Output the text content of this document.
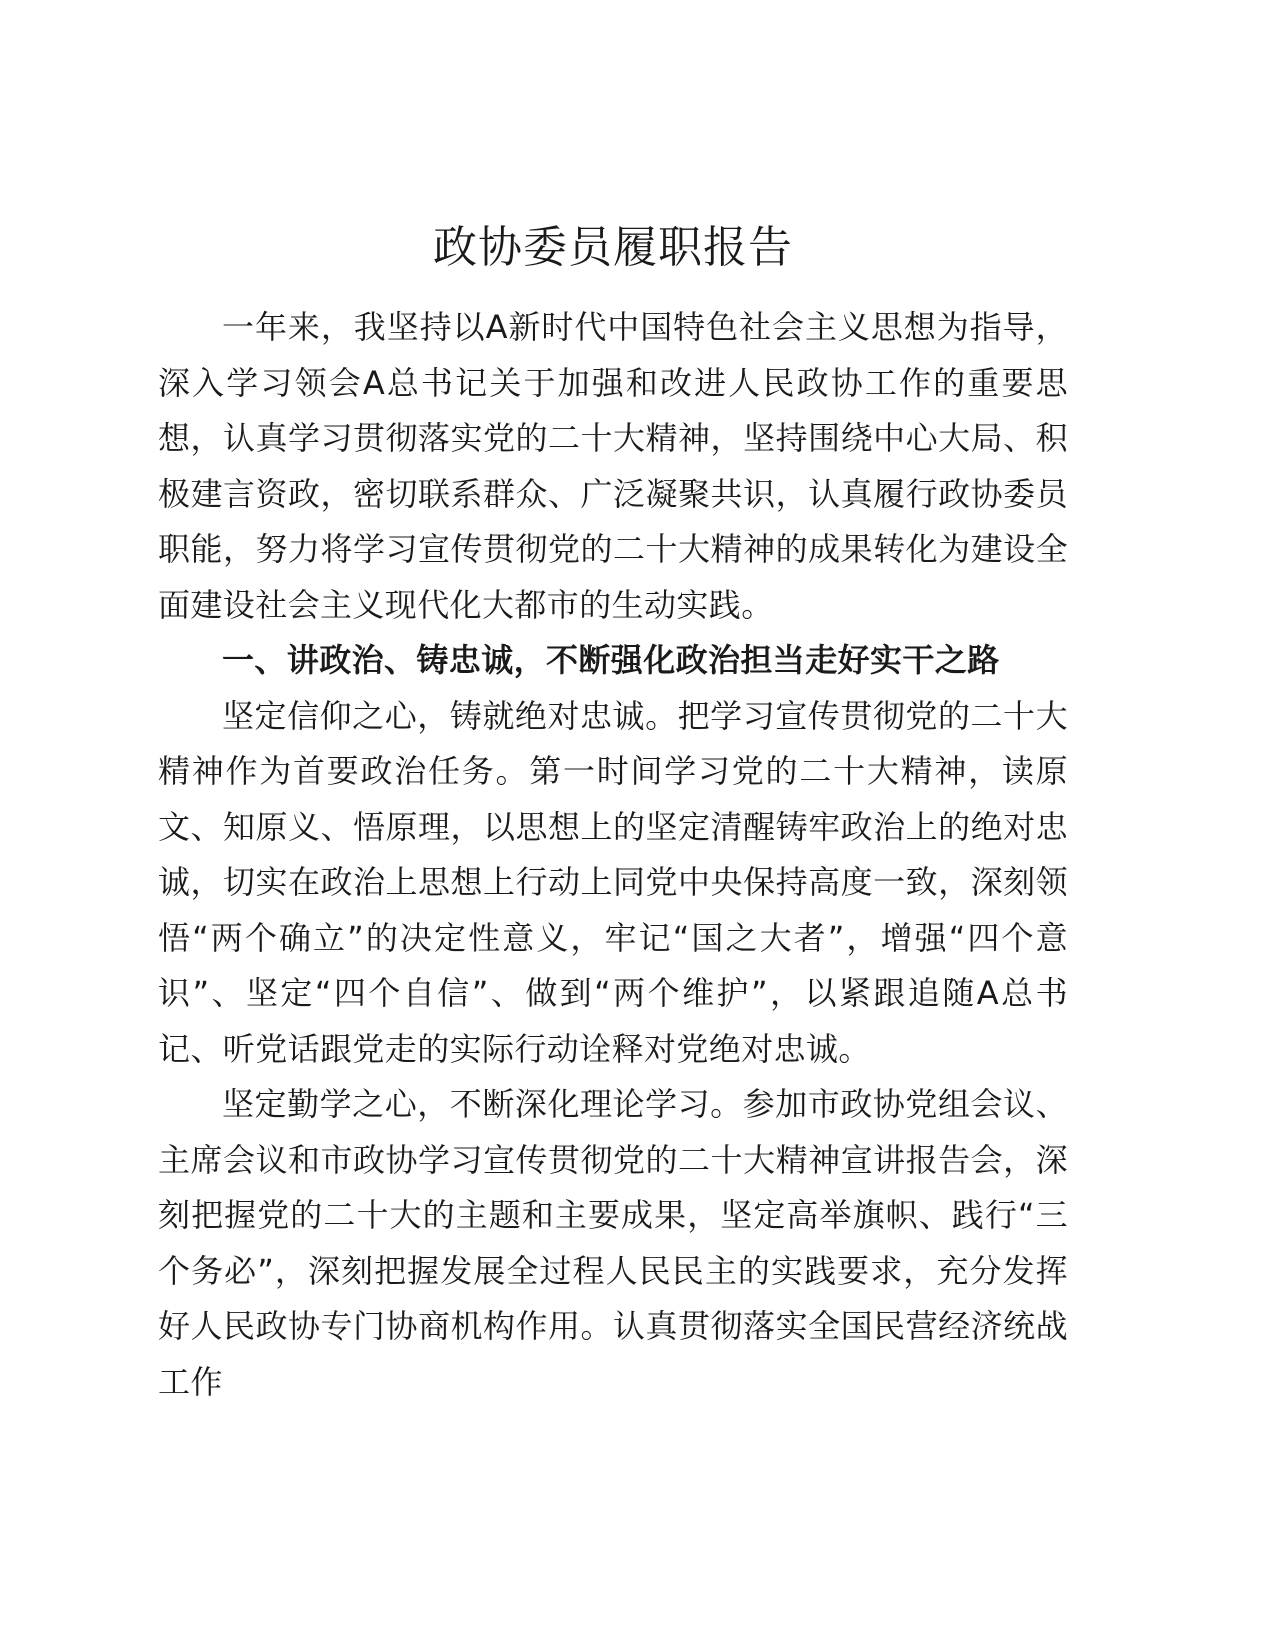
政协委员履职报告

一年来，我坚持以A新时代中国特色社会主义思想为指导，深入学习领会A总书记关于加强和改进人民政协工作的重要思想，认真学习贯彻落实党的二十大精神，坚持围绕中心大局、积极建言资政，密切联系群众、广泛凝聚共识，认真履行政协委员职能，努力将学习宣传贯彻党的二十大精神的成果转化为建设全面建设社会主义现代化大都市的生动实践。

一、讲政治、铸忠诚，不断强化政治担当走好实干之路

坚定信仰之心，铸就绝对忠诚。把学习宣传贯彻党的二十大精神作为首要政治任务。第一时间学习党的二十大精神，读原文、知原义、悟原理，以思想上的坚定清醒铸牢政治上的绝对忠诚，切实在政治上思想上行动上同党中央保持高度一致，深刻领悟“两个确立”的决定性意义，牢记“国之大者”，增强“四个意识”、坚定“四个自信”、做到“两个维护”，以紧跟追随A总书记、听党话跟党走的实际行动诠释对党绝对忠诚。

坚定勤学之心，不断深化理论学习。参加市政协党组会议、主席会议和市政协学习宣传贯彻党的二十大精神宣讲报告会，深刻把握党的二十大的主题和主要成果，坚定高举旗帜、践行“三个务必”，深刻把握发展全过程人民民主的实践要求，充分发挥好人民政协专门协商机构作用。认真贯彻落实全国民营经济统战工作
